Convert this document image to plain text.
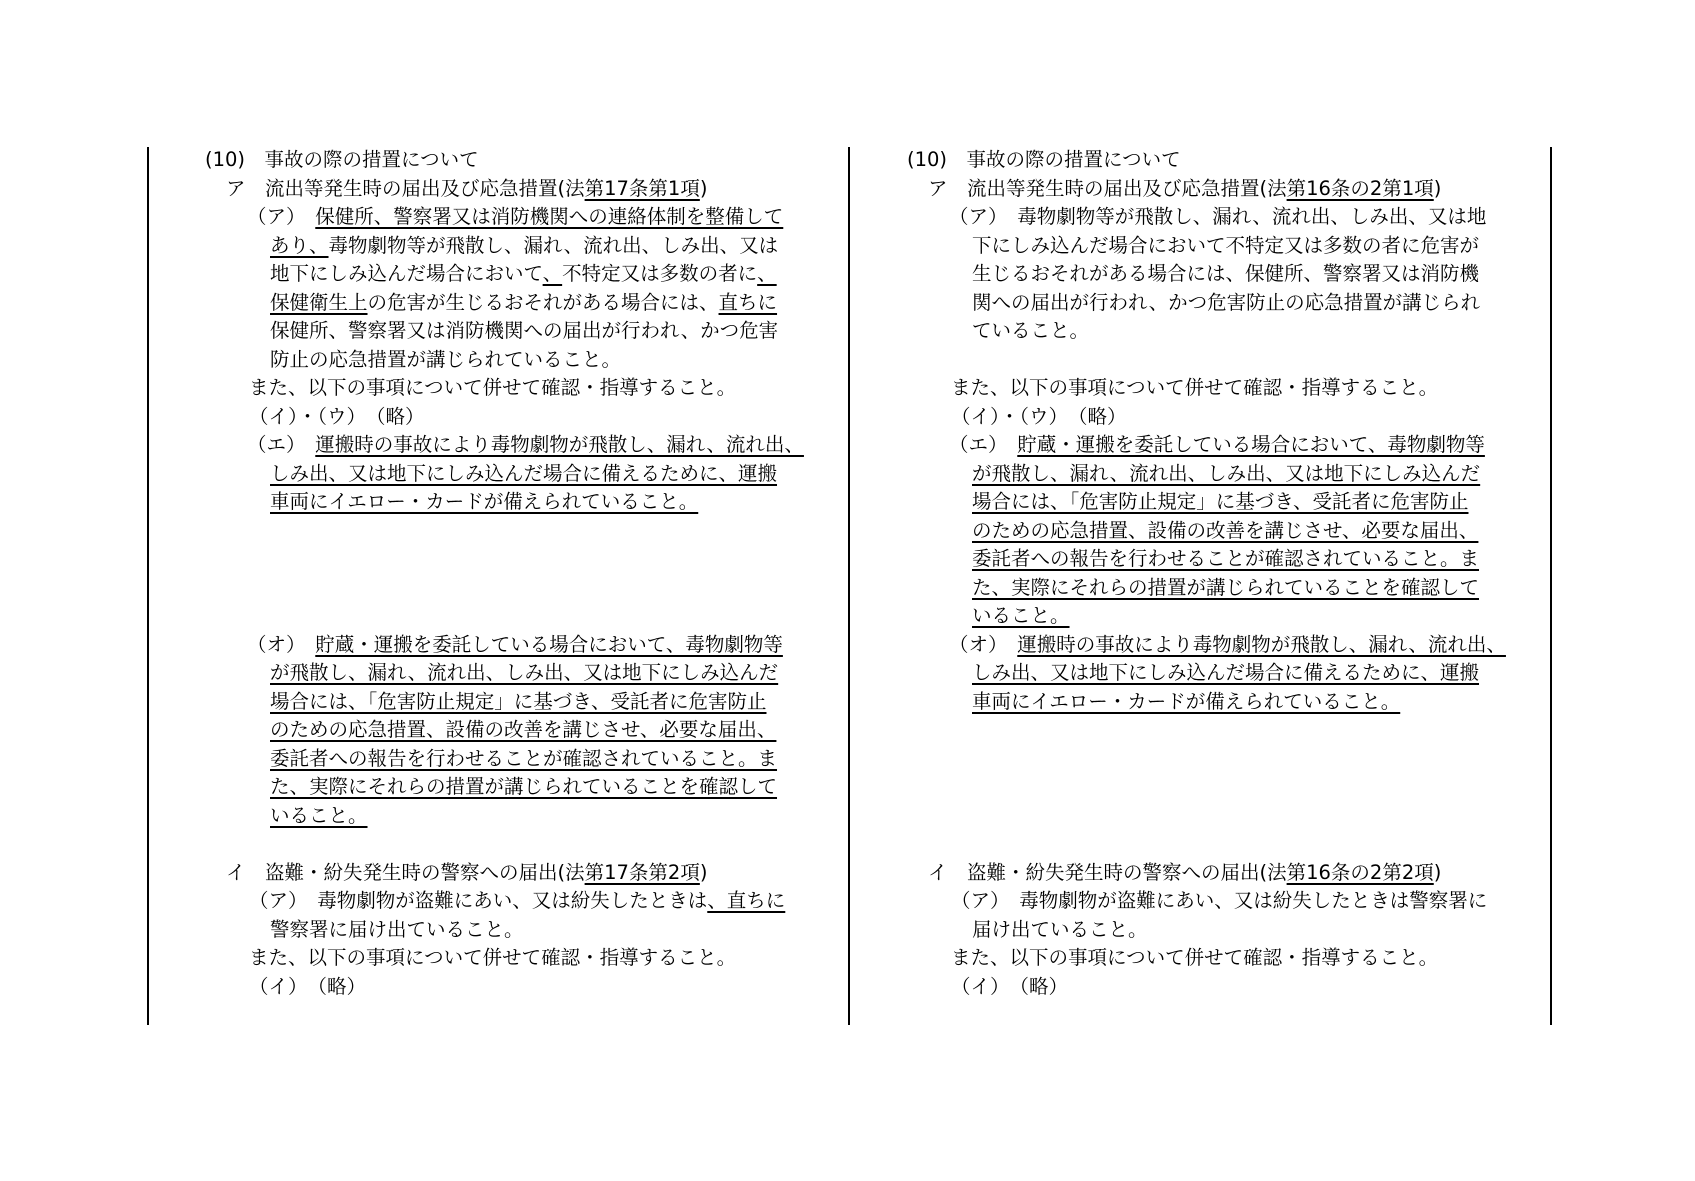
(10)　事故の際の措置について
ア　流出等発生時の届出及び応急措置(法第17条第1項)
（ア）　保健所、警察署又は消防機関への連絡体制を整備して
あり、毒物劇物等が飛散し、漏れ、流れ出、しみ出、又は
地下にしみ込んだ場合において、不特定又は多数の者に、
保健衛生上の危害が生じるおそれがある場合には、直ちに
保健所、警察署又は消防機関への届出が行われ、かつ危害
防止の応急措置が講じられていること。
また、以下の事項について併せて確認・指導すること。
（イ）・（ウ）　（略）
（エ）　運搬時の事故により毒物劇物が飛散し、漏れ、流れ出、
しみ出、又は地下にしみ込んだ場合に備えるために、運搬
車両にイエロー・カードが備えられていること。
（オ）　貯蔵・運搬を委託している場合において、毒物劇物等
が飛散し、漏れ、流れ出、しみ出、又は地下にしみ込んだ
場合には、「危害防止規定」に基づき、受託者に危害防止
のための応急措置、設備の改善を講じさせ、必要な届出、
委託者への報告を行わせることが確認されていること。ま
た、実際にそれらの措置が講じられていることを確認して
いること。
イ　盗難・紛失発生時の警察への届出(法第17条第2項)
（ア）　毒物劇物が盗難にあい、又は紛失したときは、直ちに
警察署に届け出ていること。
また、以下の事項について併せて確認・指導すること。
（イ）　（略）
(10)　事故の際の措置について
ア　流出等発生時の届出及び応急措置(法第16条の2第1項)
（ア）　毒物劇物等が飛散し、漏れ、流れ出、しみ出、又は地
下にしみ込んだ場合において不特定又は多数の者に危害が
生じるおそれがある場合には、保健所、警察署又は消防機
関への届出が行われ、かつ危害防止の応急措置が講じられ
ていること。
また、以下の事項について併せて確認・指導すること。
（イ）・（ウ）　（略）
（エ）　貯蔵・運搬を委託している場合において、毒物劇物等
が飛散し、漏れ、流れ出、しみ出、又は地下にしみ込んだ
場合には、「危害防止規定」に基づき、受託者に危害防止
のための応急措置、設備の改善を講じさせ、必要な届出、
委託者への報告を行わせることが確認されていること。ま
た、実際にそれらの措置が講じられていることを確認して
いること。
（オ）　運搬時の事故により毒物劇物が飛散し、漏れ、流れ出、
しみ出、又は地下にしみ込んだ場合に備えるために、運搬
車両にイエロー・カードが備えられていること。
イ　盗難・紛失発生時の警察への届出(法第16条の2第2項)
（ア）　毒物劇物が盗難にあい、又は紛失したときは警察署に
届け出ていること。
また、以下の事項について併せて確認・指導すること。
（イ）　（略）
